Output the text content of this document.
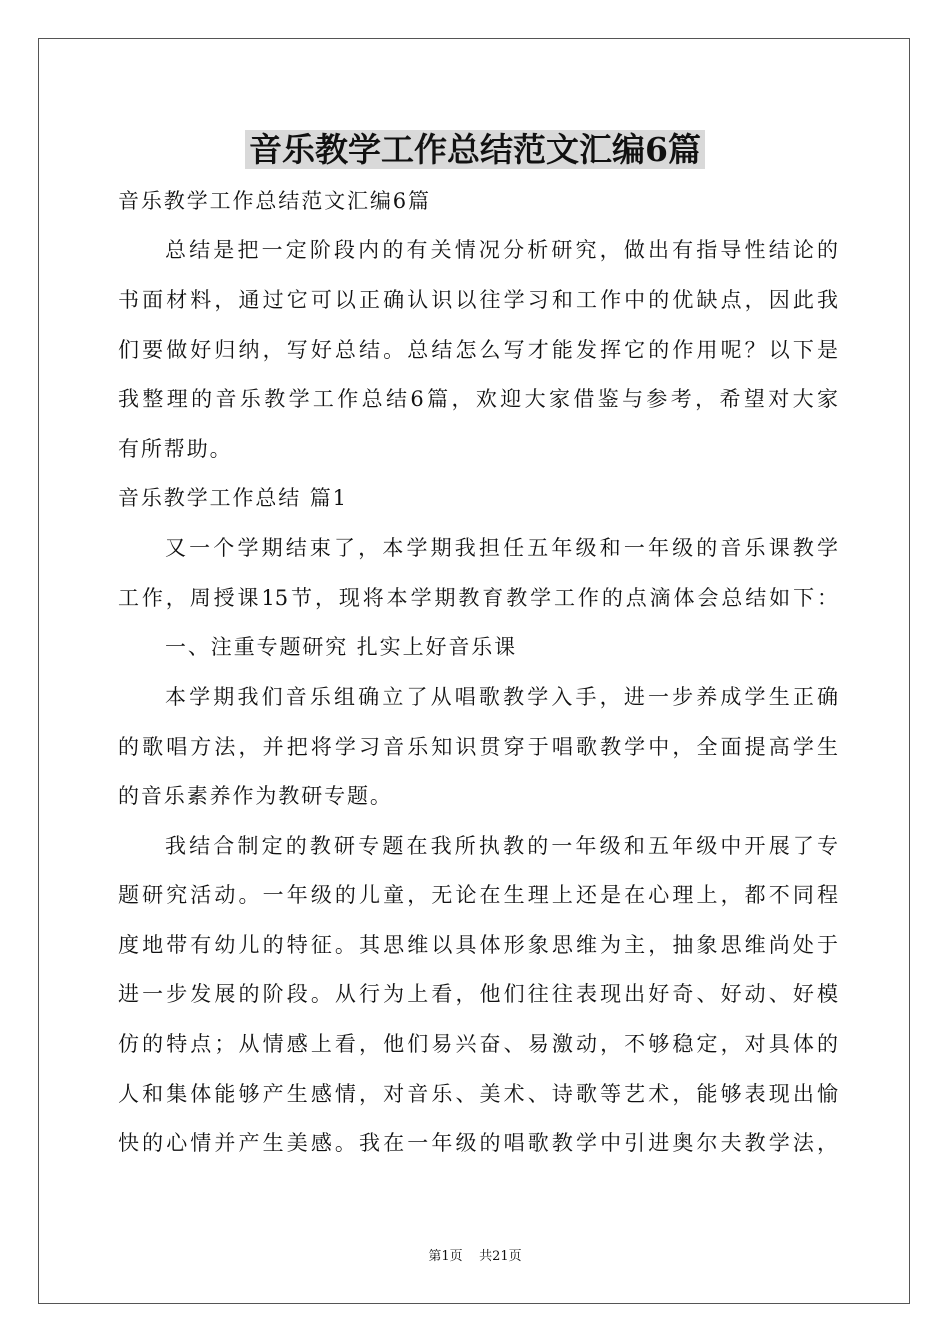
音乐教学工作总结范文汇编6篇

音乐教学工作总结范文汇编6篇

总结是把一定阶段内的有关情况分析研究，做出有指导性结论的

书面材料，通过它可以正确认识以往学习和工作中的优缺点，因此我

们要做好归纳，写好总结。总结怎么写才能发挥它的作用呢？以下是

我整理的音乐教学工作总结6篇，欢迎大家借鉴与参考，希望对大家

有所帮助。

音乐教学工作总结 篇1

又一个学期结束了，本学期我担任五年级和一年级的音乐课教学

工作，周授课15节，现将本学期教育教学工作的点滴体会总结如下：

一、注重专题研究 扎实上好音乐课

本学期我们音乐组确立了从唱歌教学入手，进一步养成学生正确

的歌唱方法，并把将学习音乐知识贯穿于唱歌教学中，全面提高学生

的音乐素养作为教研专题。

我结合制定的教研专题在我所执教的一年级和五年级中开展了专

题研究活动。一年级的儿童，无论在生理上还是在心理上，都不同程

度地带有幼儿的特征。其思维以具体形象思维为主，抽象思维尚处于

进一步发展的阶段。从行为上看，他们往往表现出好奇、好动、好模

仿的特点；从情感上看，他们易兴奋、易激动，不够稳定，对具体的

人和集体能够产生感情，对音乐、美术、诗歌等艺术，能够表现出愉

快的心情并产生美感。我在一年级的唱歌教学中引进奥尔夫教学法，

第1页 共21页
